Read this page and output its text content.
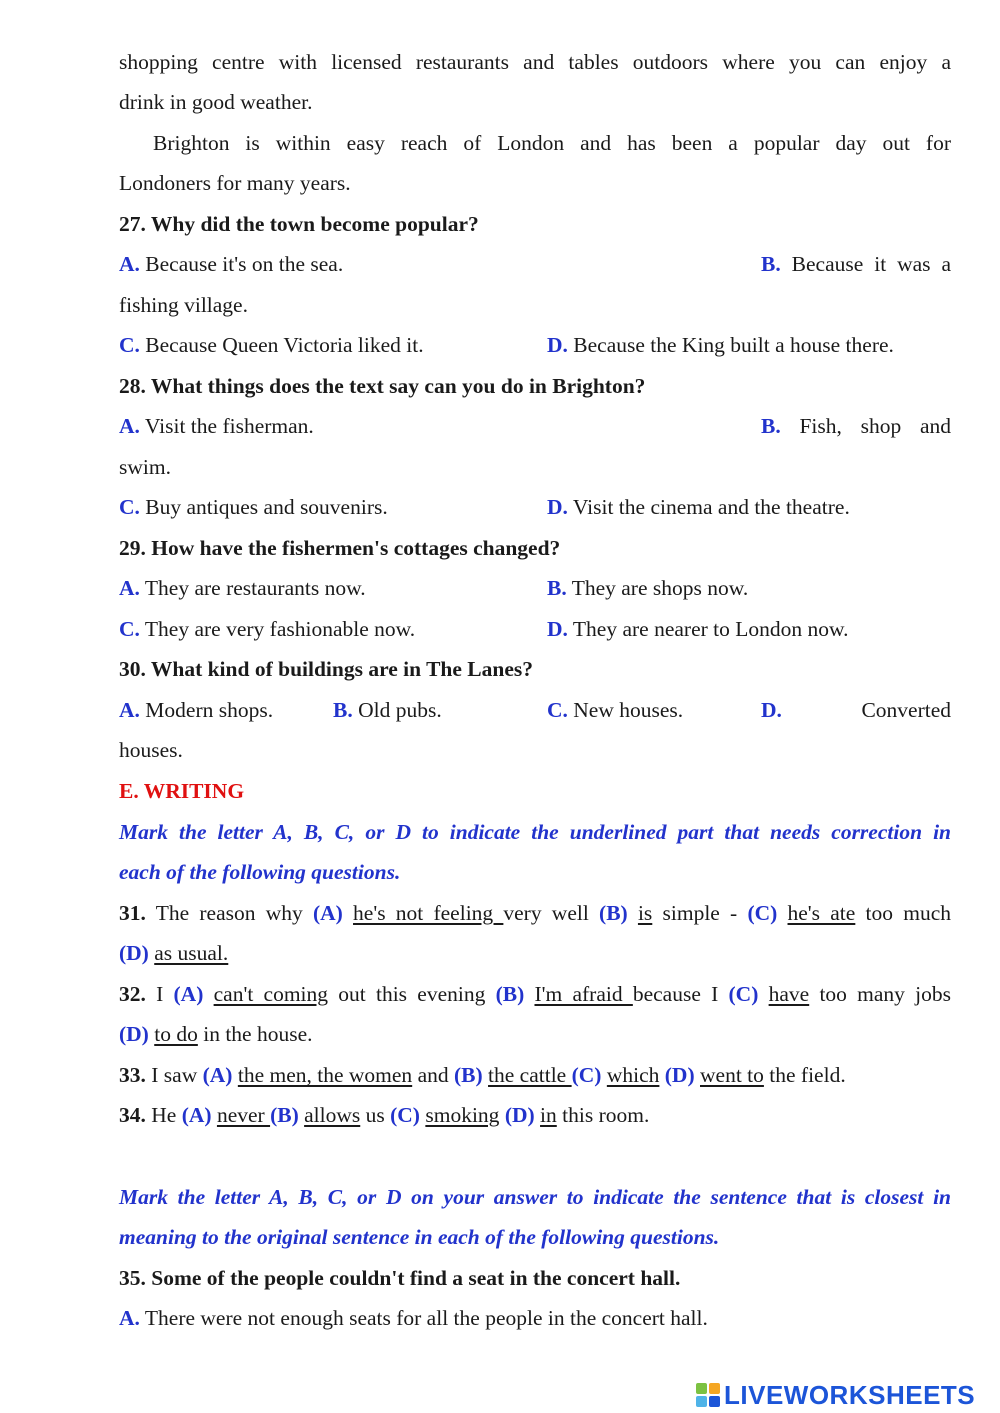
shopping centre with licensed restaurants and tables outdoors where you can enjoy a
drink in good weather.
Brighton is within easy reach of London and has been a popular day out for
Londoners for many years.
27. Why did the town become popular?
A. Because it's on the sea.	B. Because it was a
fishing village.
C. Because Queen Victoria liked it.	D. Because the King built a house there.
28. What things does the text say can you do in Brighton?
A. Visit the fisherman.	B. Fish, shop and
swim.
C. Buy antiques and souvenirs.	D. Visit the cinema and the theatre.
29. How have the fishermen's cottages changed?
A. They are restaurants now.	B. They are shops now.
C. They are very fashionable now.	D. They are nearer to London now.
30. What kind of buildings are in The Lanes?
A. Modern shops.	B. Old pubs.	C. New houses.	D.	Converted
houses.
E. WRITING
Mark the letter A, B, C, or D to indicate the underlined part that needs correction in
each of the following questions.
31. The reason why (A) he's not feeling very well (B) is simple - (C) he's ate too much
(D) as usual.
32. I (A) can't coming out this evening (B) I'm afraid because I (C) have too many jobs
(D) to do in the house.
33. I saw (A) the men, the women and (B) the cattle (C) which (D) went to the field.
34. He (A) never (B) allows us (C) smoking (D) in this room.
Mark the letter A, B, C, or D on your answer to indicate the sentence that is closest in
meaning to the original sentence in each of the following questions.
35. Some of the people couldn't find a seat in the concert hall.
A. There were not enough seats for all the people in the concert hall.
LIVEWORKSHEETS
